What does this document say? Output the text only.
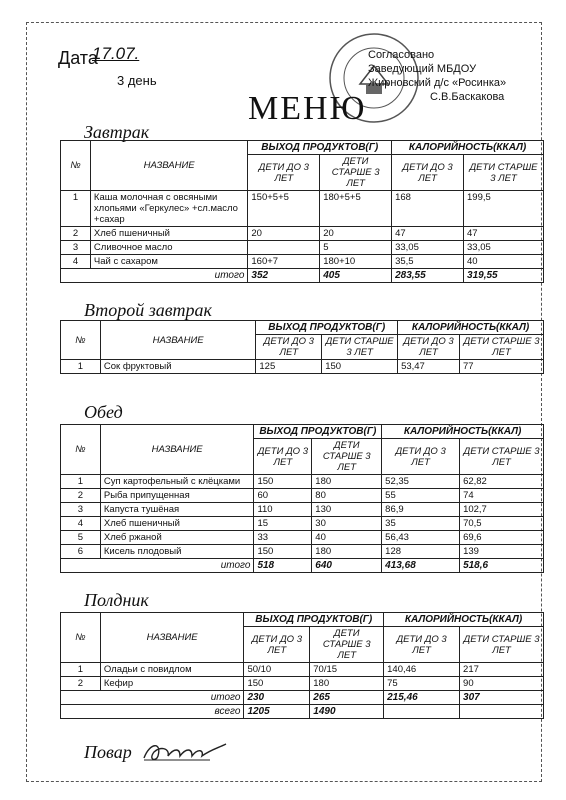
Дата
17.07.
3 день
Согласовано
Заведующий МБДОУ
Жирновский д/с «Росинка»
С.В.Баскакова
МЕНЮ
Завтрак
№	НАЗВАНИЕ	ВЫХОД ПРОДУКТОВ(Г)		КАЛОРИЙНОСТЬ(ККАЛ)	
		ДЕТИ ДО 3 ЛЕТ	ДЕТИ СТАРШЕ 3 ЛЕТ	ДЕТИ ДО 3 ЛЕТ	ДЕТИ СТАРШЕ 3 ЛЕТ
1	Каша молочная с овсяными хлопьями «Геркулес» +сл.масло +сахар	150+5+5	180+5+5	168	199,5
2	Хлеб пшеничный	20	20	47	47
3	Сливочное масло		5	33,05	33,05
4	Чай с сахаром	160+7	180+10	35,5	40
итого		352	405	283,55	319,55
Второй завтрак
№	НАЗВАНИЕ	ВЫХОД ПРОДУКТОВ(Г)		КАЛОРИЙНОСТЬ(ККАЛ)	
		ДЕТИ ДО 3 ЛЕТ	ДЕТИ СТАРШЕ 3 ЛЕТ	ДЕТИ ДО 3 ЛЕТ	ДЕТИ СТАРШЕ 3 ЛЕТ
1	Сок фруктовый	125	150	53,47	77
Обед
№	НАЗВАНИЕ	ВЫХОД ПРОДУКТОВ(Г)		КАЛОРИЙНОСТЬ(ККАЛ)	
		ДЕТИ ДО 3 ЛЕТ	ДЕТИ СТАРШЕ 3 ЛЕТ	ДЕТИ ДО 3 ЛЕТ	ДЕТИ СТАРШЕ 3 ЛЕТ
1	Суп картофельный с клёцками	150	180	52,35	62,82
2	Рыба припущенная	60	80	55	74
3	Капуста тушёная	110	130	86,9	102,7
4	Хлеб пшеничный	15	30	35	70,5
5	Хлеб ржаной	33	40	56,43	69,6
6	Кисель плодовый	150	180	128	139
итого		518	640	413,68	518,6
Полдник
№	НАЗВАНИЕ	ВЫХОД ПРОДУКТОВ(Г)		КАЛОРИЙНОСТЬ(ККАЛ)	
		ДЕТИ ДО 3 ЛЕТ	ДЕТИ СТАРШЕ 3 ЛЕТ	ДЕТИ ДО 3 ЛЕТ	ДЕТИ СТАРШЕ 3 ЛЕТ
1	Оладьи с повидлом	50/10	70/15	140,46	217
2	Кефир	150	180	75	90
итого		230	265	215,46	307
всего		1205	1490		
Повар
